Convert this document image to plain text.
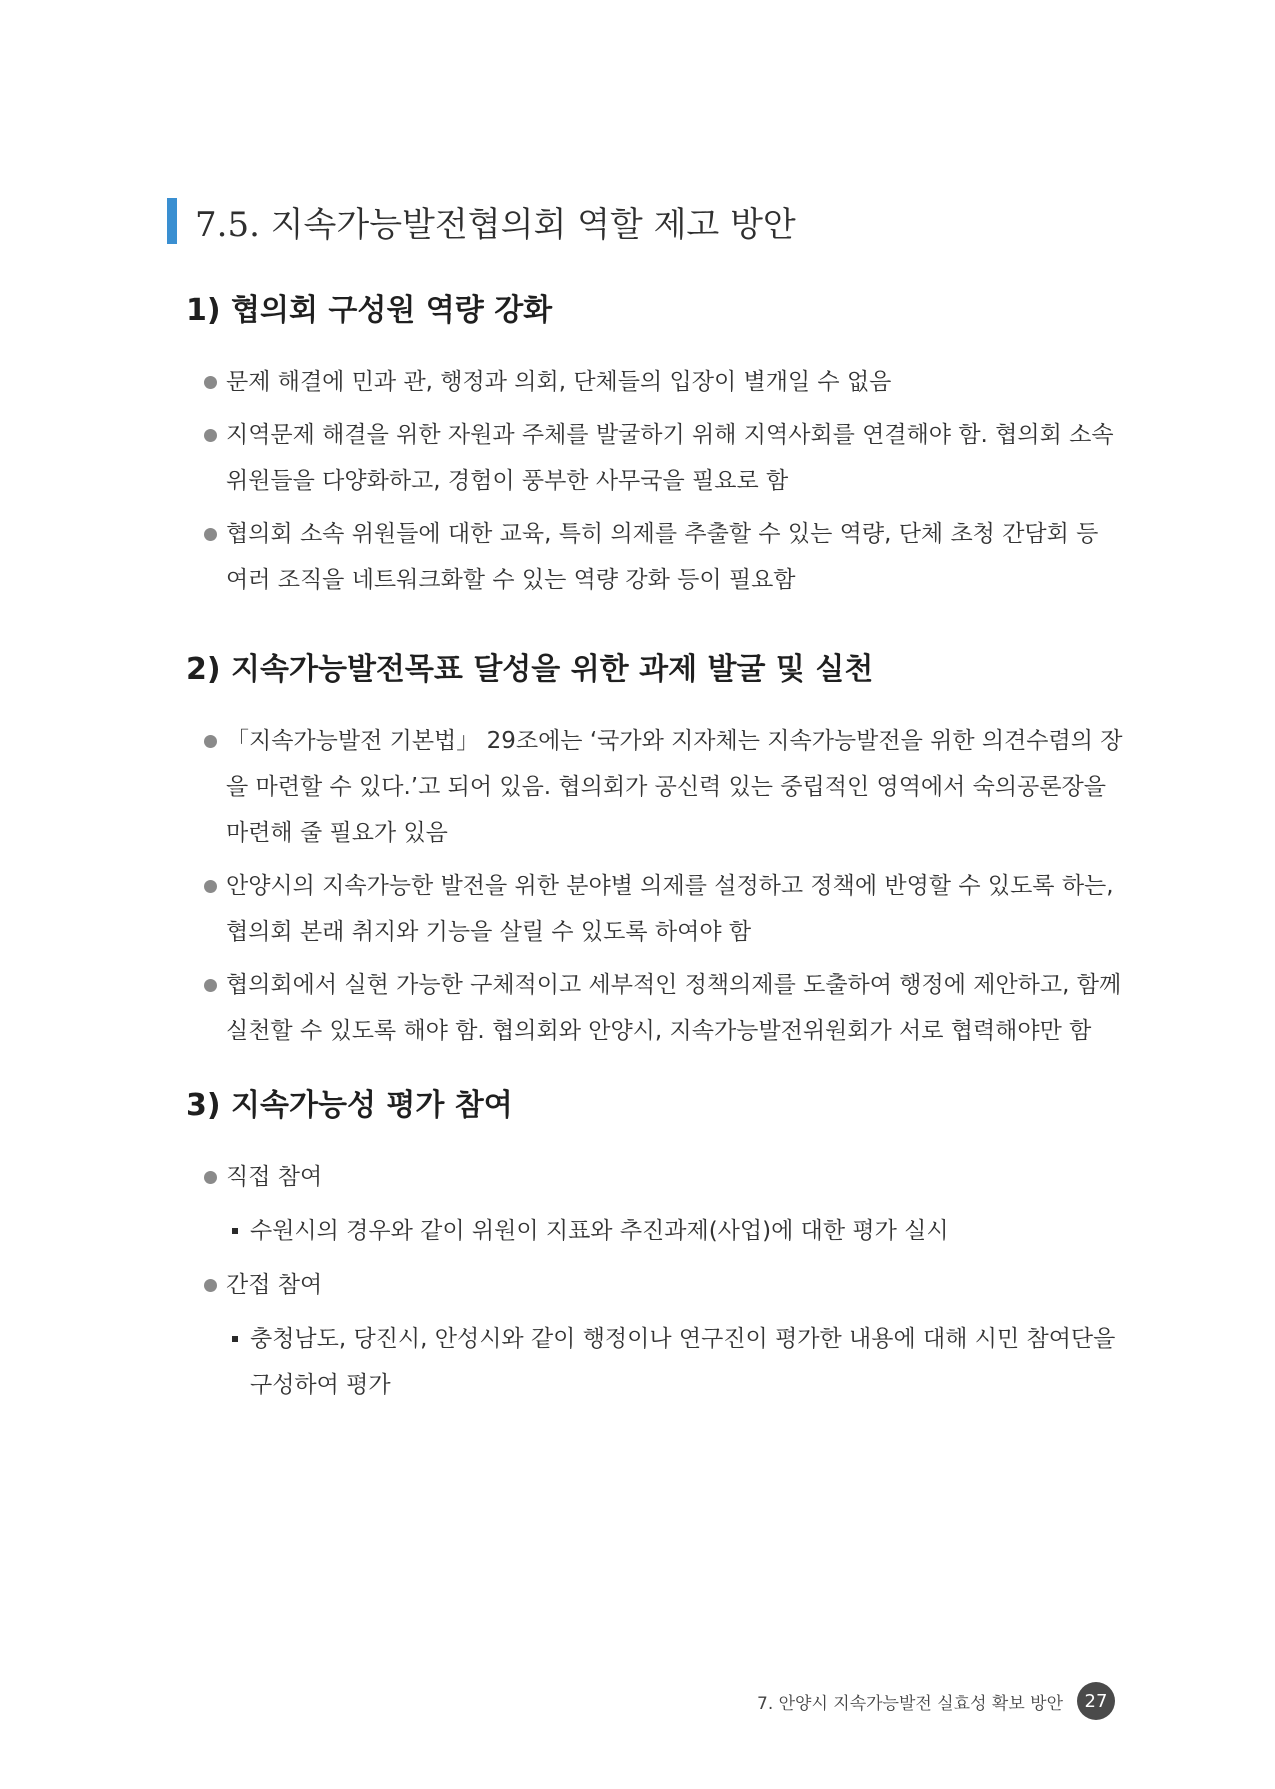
7.5. 지속가능발전협의회 역할 제고 방안
1) 협의회 구성원 역량 강화
문제 해결에 민과 관, 행정과 의회, 단체들의 입장이 별개일 수 없음
지역문제 해결을 위한 자원과 주체를 발굴하기 위해 지역사회를 연결해야 함. 협의회 소속 위원들을 다양화하고, 경험이 풍부한 사무국을 필요로 함
협의회 소속 위원들에 대한 교육, 특히 의제를 추출할 수 있는 역량, 단체 초청 간담회 등 여러 조직을 네트워크화할 수 있는 역량 강화 등이 필요함
2) 지속가능발전목표 달성을 위한 과제 발굴 및 실천
「지속가능발전 기본법」 29조에는 ‘국가와 지자체는 지속가능발전을 위한 의견수렴의 장을 마련할 수 있다.’고 되어 있음. 협의회가 공신력 있는 중립적인 영역에서 숙의공론장을 마련해 줄 필요가 있음
안양시의 지속가능한 발전을 위한 분야별 의제를 설정하고 정책에 반영할 수 있도록 하는, 협의회 본래 취지와 기능을 살릴 수 있도록 하여야 함
협의회에서 실현 가능한 구체적이고 세부적인 정책의제를 도출하여 행정에 제안하고, 함께 실천할 수 있도록 해야 함. 협의회와 안양시, 지속가능발전위원회가 서로 협력해야만 함
3) 지속가능성 평가 참여
직접 참여
수원시의 경우와 같이 위원이 지표와 추진과제(사업)에 대한 평가 실시
간접 참여
충청남도, 당진시, 안성시와 같이 행정이나 연구진이 평가한 내용에 대해 시민 참여단을 구성하여 평가
7. 안양시 지속가능발전 실효성 확보 방안	27
